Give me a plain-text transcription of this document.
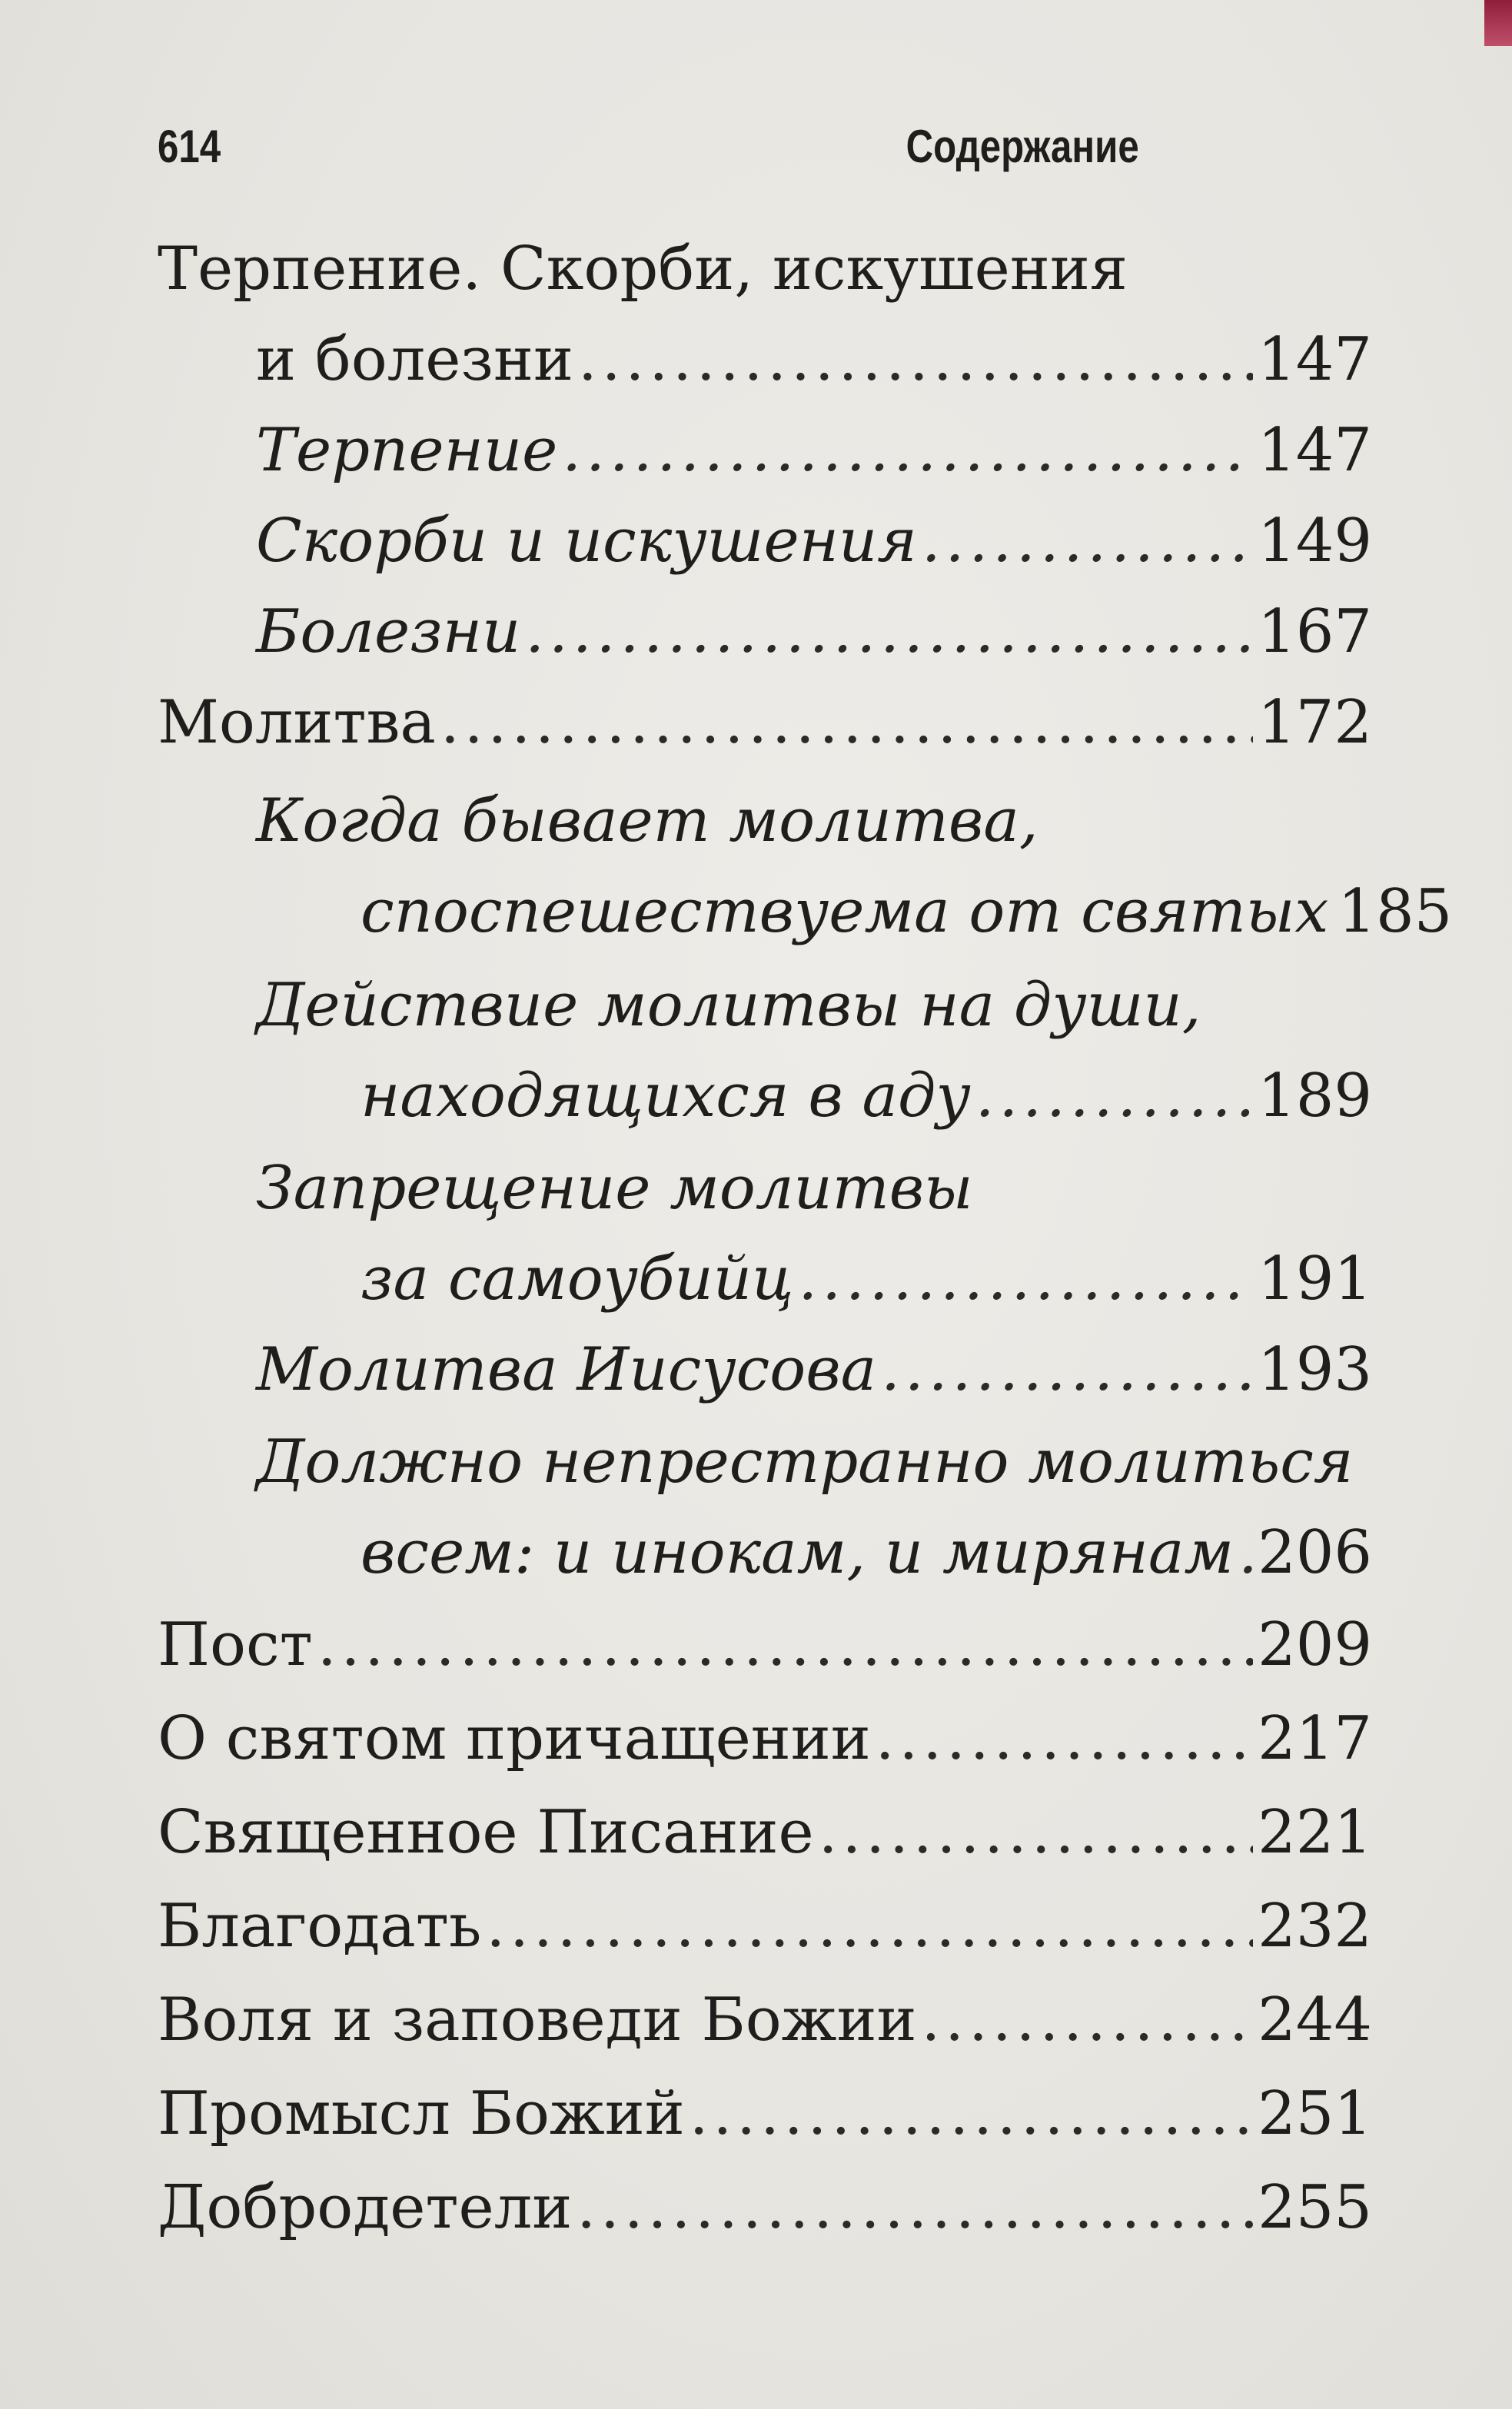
614	Содержание
Терпение. Скорби, искушения
и болезни .....	147
Терпение .....	147
Скорби и искушения .....	149
Болезни .....	167
Молитва .....	172
Когда бывает молитва,
споспешествуема от святых 185
Действие молитвы на души,
находящихся в аду .....	189
Запрещение молитвы
за самоубийц .....	191
Молитва Иисусова .....	193
Должно непрестранно молиться
всем: и инокам, и мирянам ..... 206
Пост .....	209
О святом причащении .....	217
Священное Писание .....	221
Благодать .....	232
Воля и заповеди Божии .....	244
Промысл Божий .....	251
Добродетели .....	255
